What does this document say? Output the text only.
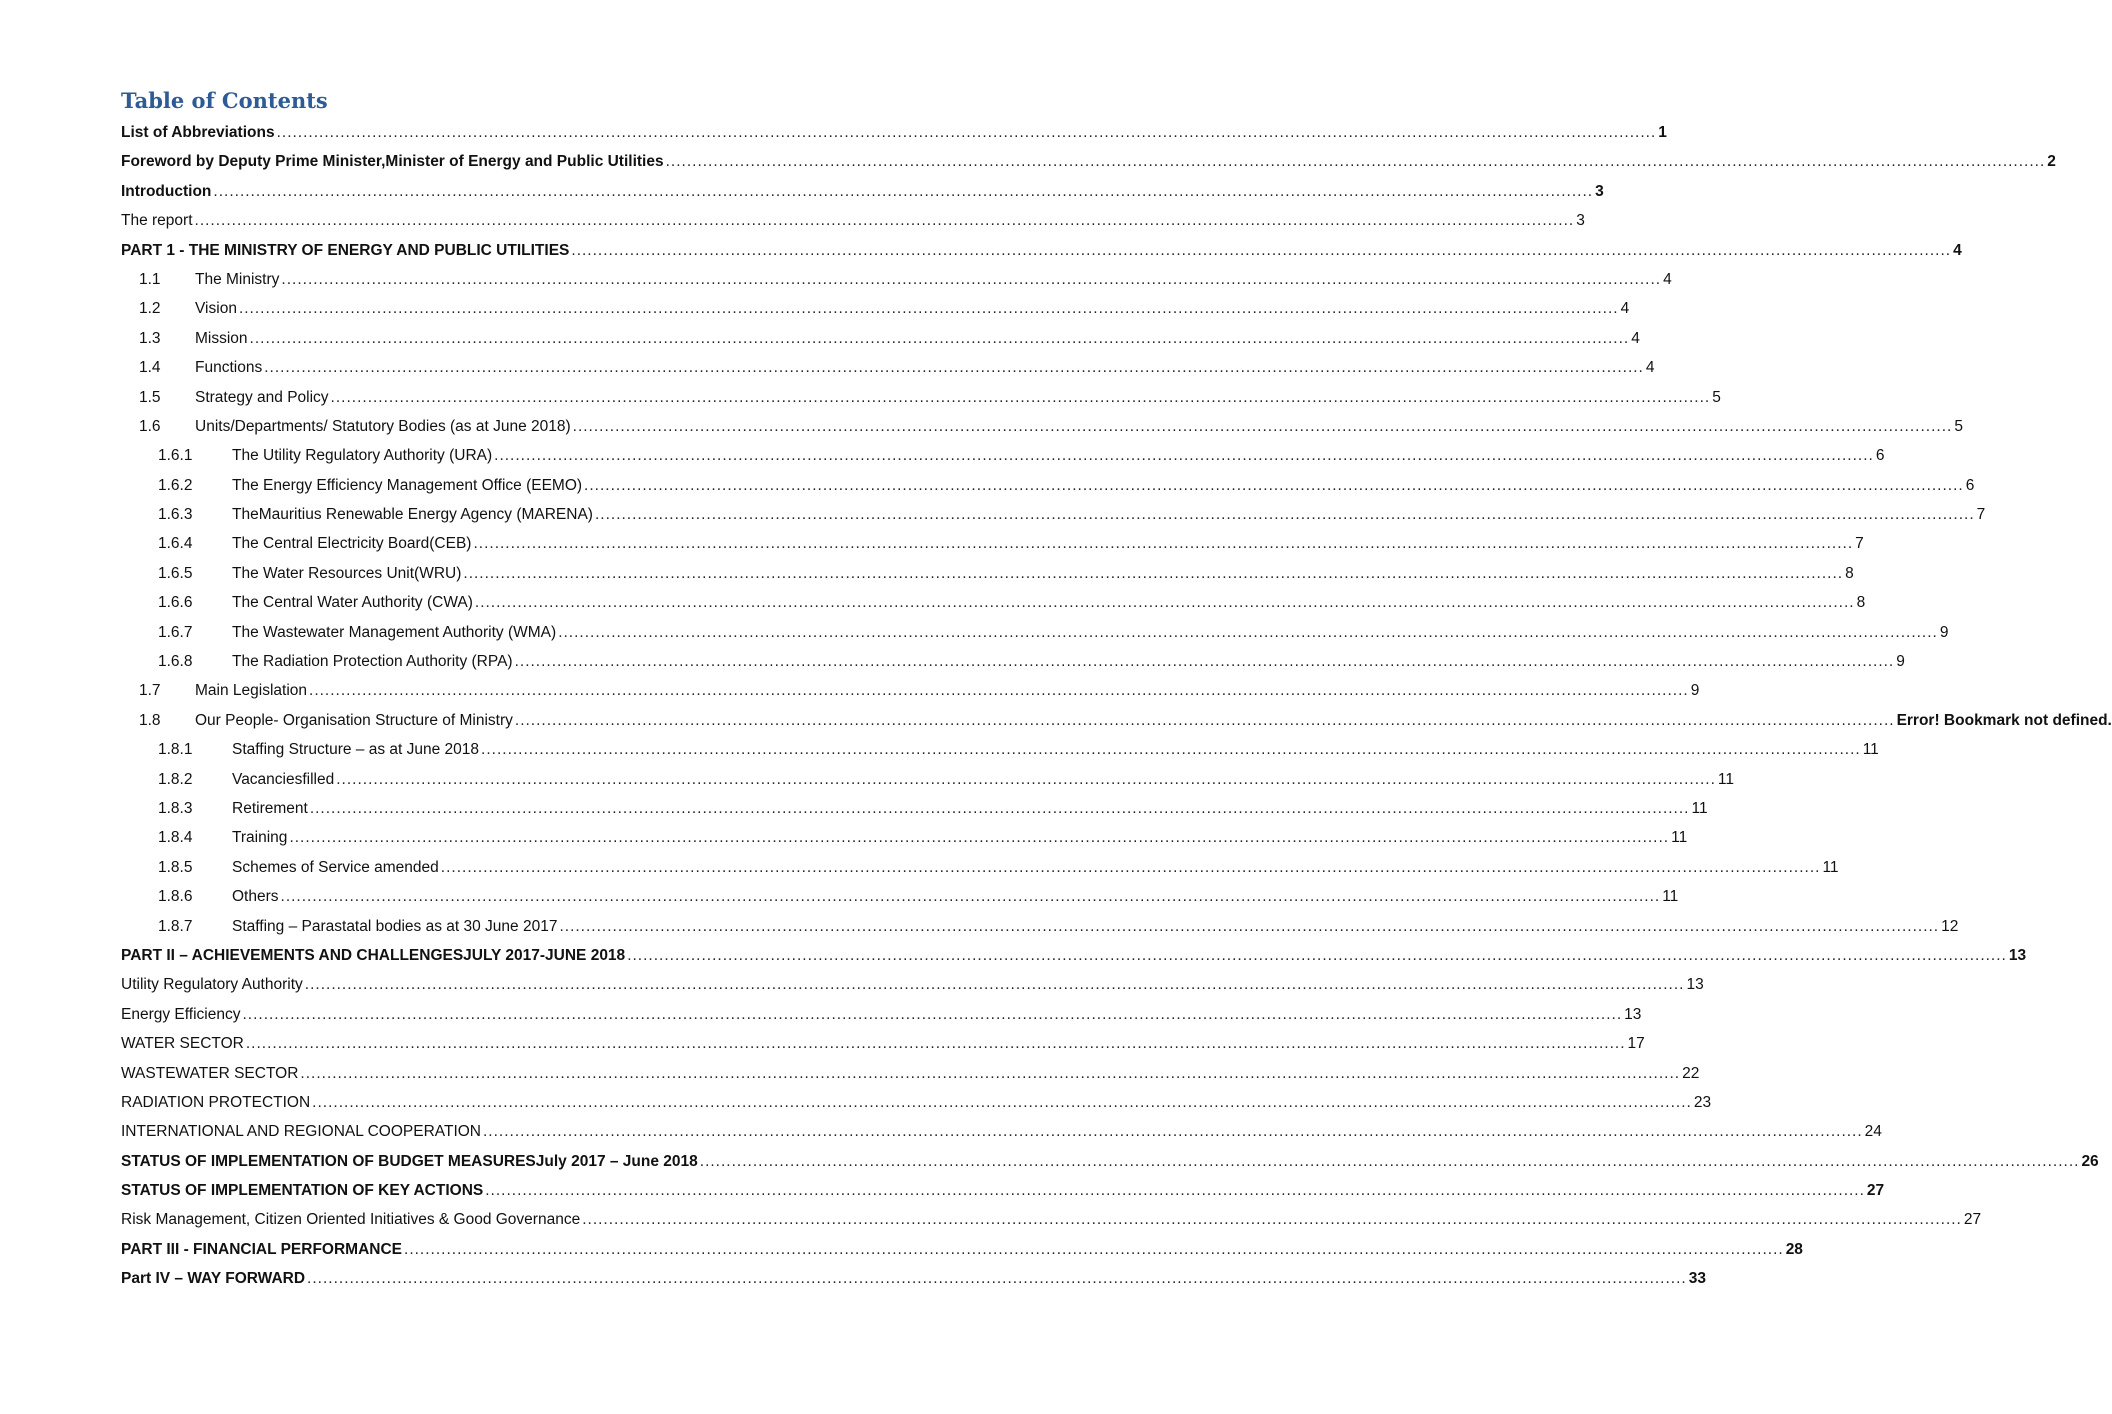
Table of Contents
List of Abbreviations .....	1
Foreword by Deputy Prime Minister,Minister of Energy and Public Utilities .....	2
Introduction .....	3
The report .....	3
PART 1 - THE MINISTRY OF ENERGY AND PUBLIC UTILITIES .....	4
1.1	The Ministry .....	4
1.2	Vision .....	4
1.3	Mission .....	4
1.4	Functions .....	4
1.5	Strategy and Policy .....	5
1.6	Units/Departments/ Statutory Bodies (as at June 2018) .....	5
1.6.1	The Utility Regulatory Authority (URA) .....	6
1.6.2	The Energy Efficiency Management Office (EEMO) .....	6
1.6.3	TheMauritius Renewable Energy Agency (MARENA) .....	7
1.6.4	The Central Electricity Board(CEB) .....	7
1.6.5	The Water Resources Unit(WRU) .....	8
1.6.6	The Central Water Authority (CWA) .....	8
1.6.7	The Wastewater Management Authority (WMA) .....	9
1.6.8	The Radiation Protection Authority (RPA) .....	9
1.7	Main Legislation .....	9
1.8	Our People- Organisation Structure of Ministry .....	Error! Bookmark not defined.
1.8.1	Staffing Structure – as at June 2018 .....	11
1.8.2	Vacanciesfilled .....	11
1.8.3	Retirement .....	11
1.8.4	Training .....	11
1.8.5	Schemes of Service amended .....	11
1.8.6	Others .....	11
1.8.7	Staffing – Parastatal bodies as at 30 June 2017 .....	12
PART II – ACHIEVEMENTS AND CHALLENGESJULY 2017-JUNE 2018 .....	13
Utility Regulatory Authority .....	13
Energy Efficiency .....	13
WATER SECTOR .....	17
WASTEWATER SECTOR .....	22
RADIATION PROTECTION .....	23
INTERNATIONAL AND REGIONAL COOPERATION .....	24
STATUS OF IMPLEMENTATION OF BUDGET MEASURESJuly 2017 – June 2018 .....	26
STATUS OF IMPLEMENTATION OF KEY ACTIONS .....	27
Risk Management, Citizen Oriented Initiatives & Good Governance .....	27
PART III - FINANCIAL PERFORMANCE .....	28
Part IV – WAY FORWARD .....	33
